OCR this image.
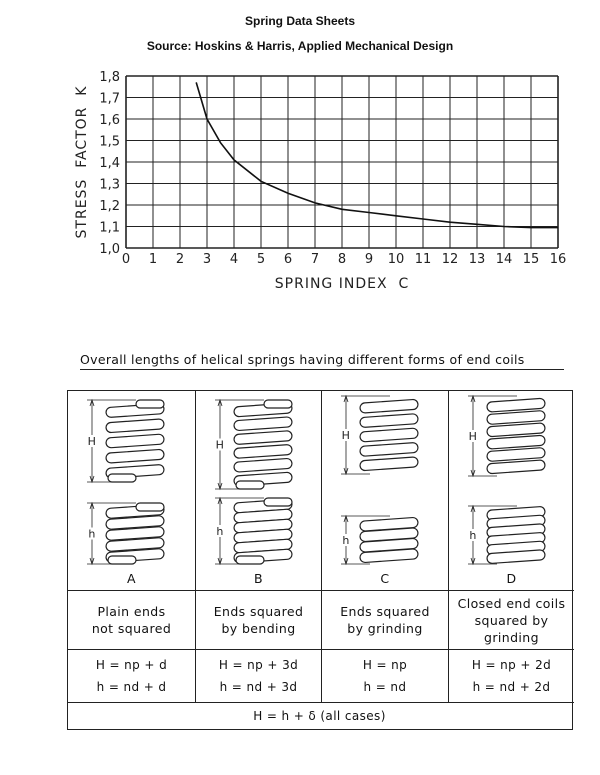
Spring Data Sheets
Source: Hoskins & Harris, Applied Mechanical Design
0 1 2 3 4 5 6 7 8 9 10 11 12 13 14 15 16
1,0
1,1
1,2
1,3
1,4
1,5
1,6
1,7
1,8
SPRING INDEX  C
STRESS  FACTOR  K
Overall lengths of helical springs having different forms of end coils
H
h
A
Plain ends
not squared
H = np + d
h = nd + d
H
h
B
Ends squared
by bending
H = np + 3d
h = nd + 3d
H
h
C
Ends squared
by grinding
H = np
h = nd
H
h
D
Closed end coils
squared by
grinding
H = np + 2d
h = nd + 2d
H = h + δ (all cases)
